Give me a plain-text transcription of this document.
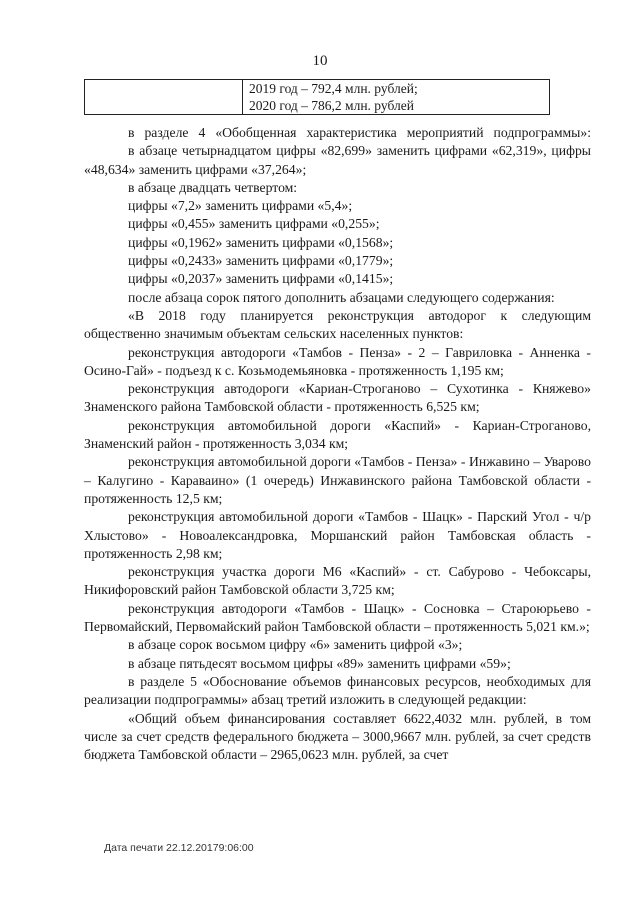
10

2019 год – 792,4 млн. рублей;
2020 год – 786,2 млн. рублей

в разделе 4 «Обобщенная характеристика мероприятий подпрограммы»:

в абзаце четырнадцатом цифры «82,699» заменить цифрами «62,319», цифры «48,634» заменить цифрами «37,264»;

в абзаце двадцать четвертом:

цифры «7,2» заменить цифрами «5,4»;

цифры «0,455» заменить цифрами «0,255»;

цифры «0,1962» заменить цифрами «0,1568»;

цифры «0,2433» заменить цифрами «0,1779»;

цифры «0,2037» заменить цифрами «0,1415»;

после абзаца сорок пятого дополнить абзацами следующего содержания:

«В 2018 году планируется реконструкция автодорог к следующим общественно значимым объектам сельских населенных пунктов:

реконструкция автодороги «Тамбов - Пенза» - 2 – Гавриловка - Анненка - Осино-Гай» - подъезд к с. Козьмодемьяновка - протяженность 1,195 км;

реконструкция автодороги «Кариан-Строганово – Сухотинка - Княжево» Знаменского района Тамбовской области - протяженность 6,525 км;

реконструкция автомобильной дороги «Каспий» - Кариан-Строганово, Знаменский район - протяженность 3,034 км;

реконструкция автомобильной дороги «Тамбов - Пенза» - Инжавино – Уварово – Калугино - Караваино» (1 очередь) Инжавинского района Тамбовской области - протяженность 12,5 км;

реконструкция автомобильной дороги «Тамбов - Шацк» - Парский Угол - ч/р Хлыстово» - Новоалександровка, Моршанский район Тамбовская область - протяженность 2,98 км;

реконструкция участка дороги М6 «Каспий» - ст. Сабурово - Чебоксары, Никифоровский район Тамбовской области 3,725 км;

реконструкция автодороги «Тамбов - Шацк» - Сосновка – Староюрьево - Первомайский, Первомайский район Тамбовской области – протяженность 5,021 км.»;

в абзаце сорок восьмом цифру «6» заменить цифрой «3»;

в абзаце пятьдесят восьмом цифры «89» заменить цифрами «59»;

в разделе 5 «Обоснование объемов финансовых ресурсов, необходимых для реализации подпрограммы» абзац третий изложить в следующей редакции:

«Общий объем финансирования составляет 6622,4032 млн. рублей, в том числе за счет средств федерального бюджета – 3000,9667 млн. рублей, за счет средств бюджета Тамбовской области – 2965,0623 млн. рублей, за счет

Дата печати 22.12.20179:06:00
